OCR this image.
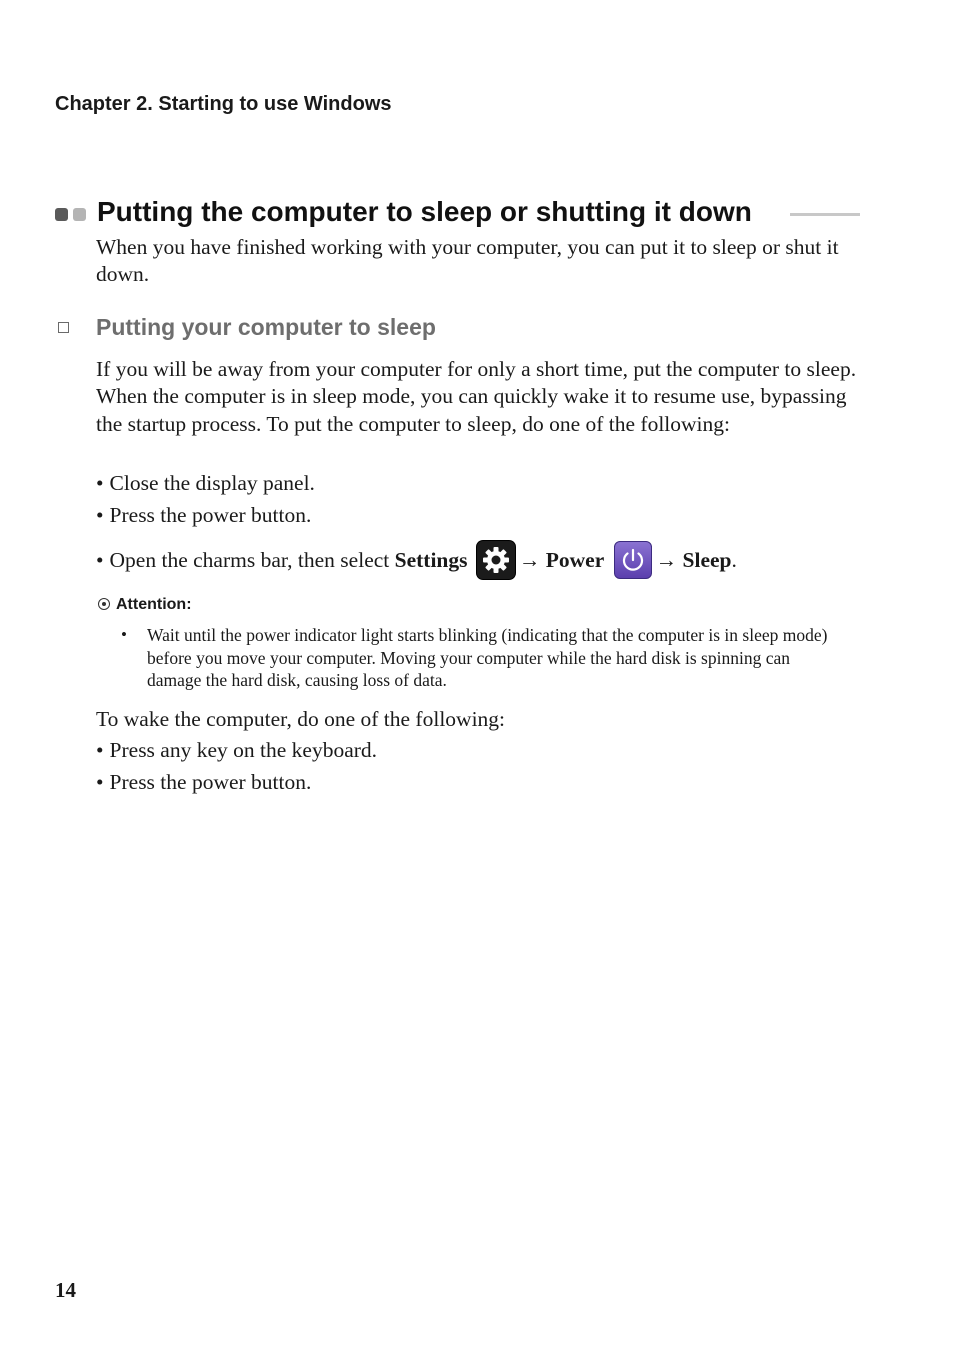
Chapter 2. Starting to use Windows
Putting the computer to sleep or shutting it down
When you have finished working with your computer, you can put it to sleep or shut it down.
Putting your computer to sleep
If you will be away from your computer for only a short time, put the computer to sleep. When the computer is in sleep mode, you can quickly wake it to resume use, bypassing the startup process. To put the computer to sleep, do one of the following:
• Close the display panel.
• Press the power button.
• Open the charms bar, then select Settings → Power → Sleep.
Attention:
• Wait until the power indicator light starts blinking (indicating that the computer is in sleep mode) before you move your computer. Moving your computer while the hard disk is spinning can damage the hard disk, causing loss of data.
To wake the computer, do one of the following:
• Press any key on the keyboard.
• Press the power button.
14
